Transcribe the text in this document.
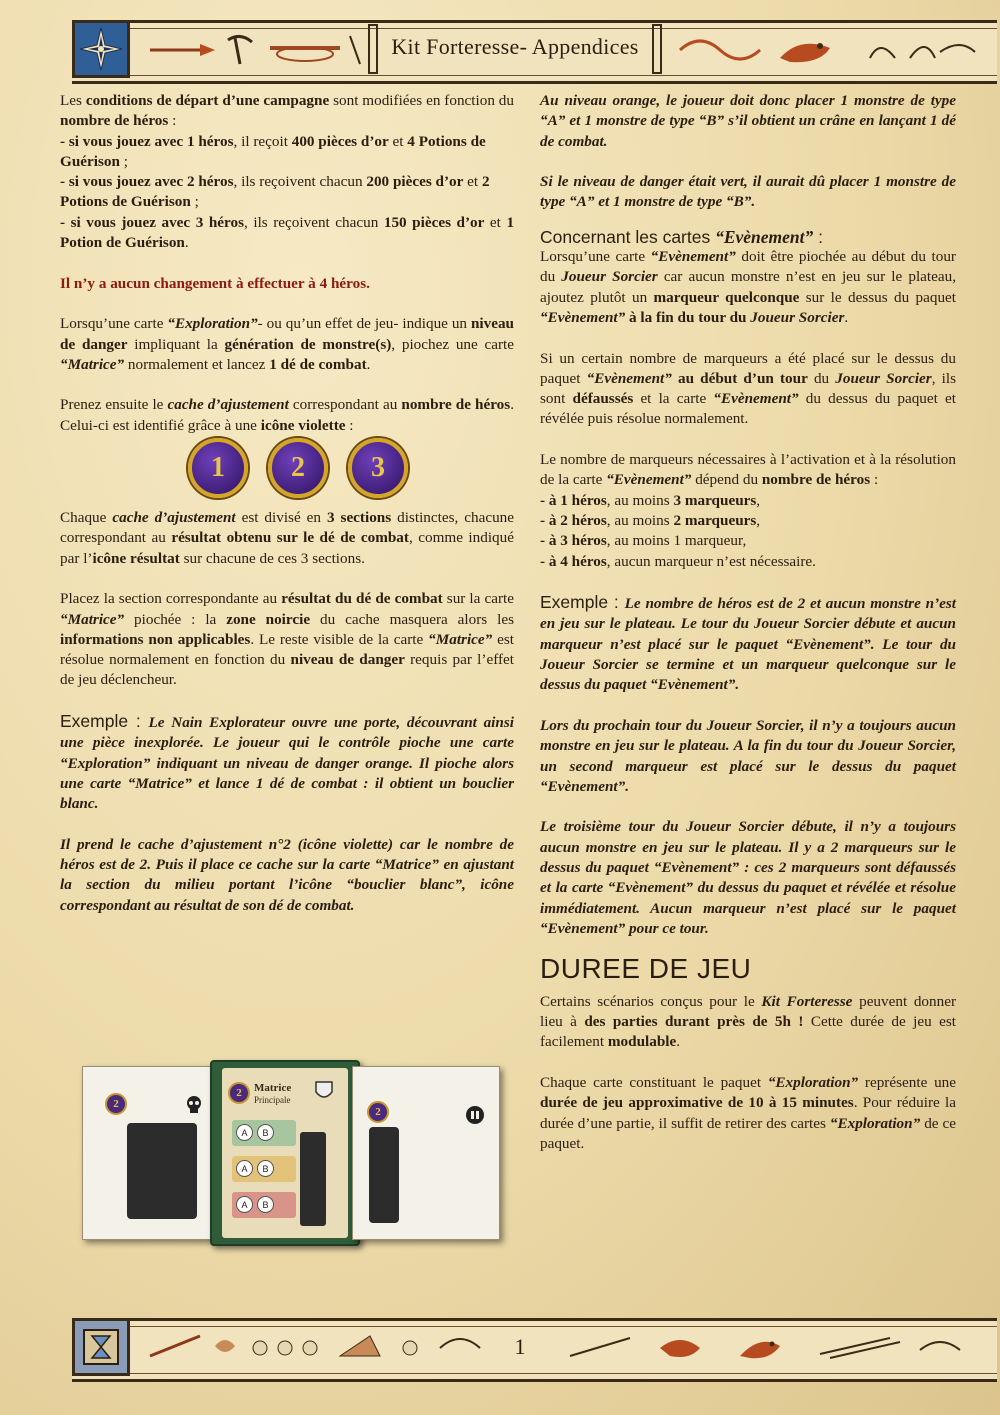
Kit Forteresse- Appendices

Les conditions de départ d’une campagne sont modifiées en fonction du nombre de héros :

- si vous jouez avec 1 héros, il reçoit 400 pièces d’or et 4 Potions de Guérison ;
- si vous jouez avec 2 héros, ils reçoivent chacun 200 pièces d’or et 2 Potions de Guérison ;

- si vous jouez avec 3 héros, ils reçoivent chacun 150 pièces d’or et 1 Potion de Guérison.

Il n’y a aucun changement à effectuer à 4 héros.

Lorsqu’une carte “Exploration”- ou qu’un effet de jeu- indique un niveau de danger impliquant la génération de monstre(s), piochez une carte “Matrice” normalement et lancez 1 dé de combat.

Prenez ensuite le cache d’ajustement correspondant au nombre de héros. Celui-ci est identifié grâce à une icône violette :

1	2	3

Chaque cache d’ajustement est divisé en 3 sections distinctes, chacune correspondant au résultat obtenu sur le dé de combat, comme indiqué par l’icône résultat sur chacune de ces 3 sections.

Placez la section correspondante au résultat du dé de combat sur la carte “Matrice” piochée : la zone noircie du cache masquera alors les informations non applicables. Le reste visible de la carte “Matrice” est résolue normalement en fonction du niveau de danger requis par l’effet de jeu déclencheur.

Exemple : Le Nain Explorateur ouvre une porte, découvrant ainsi une pièce inexplorée. Le joueur qui le contrôle pioche une carte “Exploration” indiquant un niveau de danger orange. Il pioche alors une carte “Matrice” et lance 1 dé de combat : il obtient un bouclier blanc.

Il prend le cache d’ajustement n°2 (icône violette) car le nombre de héros est de 2. Puis il place ce cache sur la carte “Matrice” en ajustant la section du milieu portant l’icône “bouclier blanc”, icône correspondant au résultat de son dé de combat.

2
2	Matrice
Principale
A	B
A	B
A	B
2

Au niveau orange, le joueur doit donc placer 1 monstre de type “A” et 1 monstre de type “B” s’il obtient un crâne en lançant 1 dé de combat.

Si le niveau de danger était vert, il aurait dû placer 1 monstre de type “A” et 1 monstre de type “B”.

Concernant les cartes “Evènement” :

Lorsqu’une carte “Evènement” doit être piochée au début du tour du Joueur Sorcier car aucun monstre n’est en jeu sur le plateau, ajoutez plutôt un marqueur quelconque sur le dessus du paquet “Evènement” à la fin du tour du Joueur Sorcier.

Si un certain nombre de marqueurs a été placé sur le dessus du paquet “Evènement” au début d’un tour du Joueur Sorcier, ils sont défaussés et la carte “Evènement” du dessus du paquet et révélée puis résolue normalement.

Le nombre de marqueurs nécessaires à l’activation et à la résolution de la carte “Evènement” dépend du nombre de héros :

- à 1 héros, au moins 3 marqueurs,
- à 2 héros, au moins 2 marqueurs,
- à 3 héros, au moins 1 marqueur,

- à 4 héros, aucun marqueur n’est nécessaire.

Exemple : Le nombre de héros est de 2 et aucun monstre n’est en jeu sur le plateau. Le tour du Joueur Sorcier débute et aucun marqueur n’est placé sur le paquet “Evènement”. Le tour du Joueur Sorcier se termine et un marqueur quelconque sur le dessus du paquet “Evènement”.

Lors du prochain tour du Joueur Sorcier, il n’y a toujours aucun monstre en jeu sur le plateau. A la fin du tour du Joueur Sorcier, un second marqueur est placé sur le dessus du paquet “Evènement”.

Le troisième tour du Joueur Sorcier débute, il n’y a toujours aucun monstre en jeu sur le plateau. Il y a 2 marqueurs sur le dessus du paquet “Evènement” : ces 2 marqueurs sont défaussés et la carte “Evènement” du dessus du paquet et révélée et résolue immédiatement. Aucun marqueur n’est placé sur le paquet “Evènement” pour ce tour.

DUREE DE JEU

Certains scénarios conçus pour le Kit Forteresse peuvent donner lieu à des parties durant près de 5h ! Cette durée de jeu est facilement modulable.

Chaque carte constituant le paquet “Exploration” représente une durée de jeu approximative de 10 à 15 minutes. Pour réduire la durée d’une partie, il suffit de retirer des cartes “Exploration” de ce paquet.

1
